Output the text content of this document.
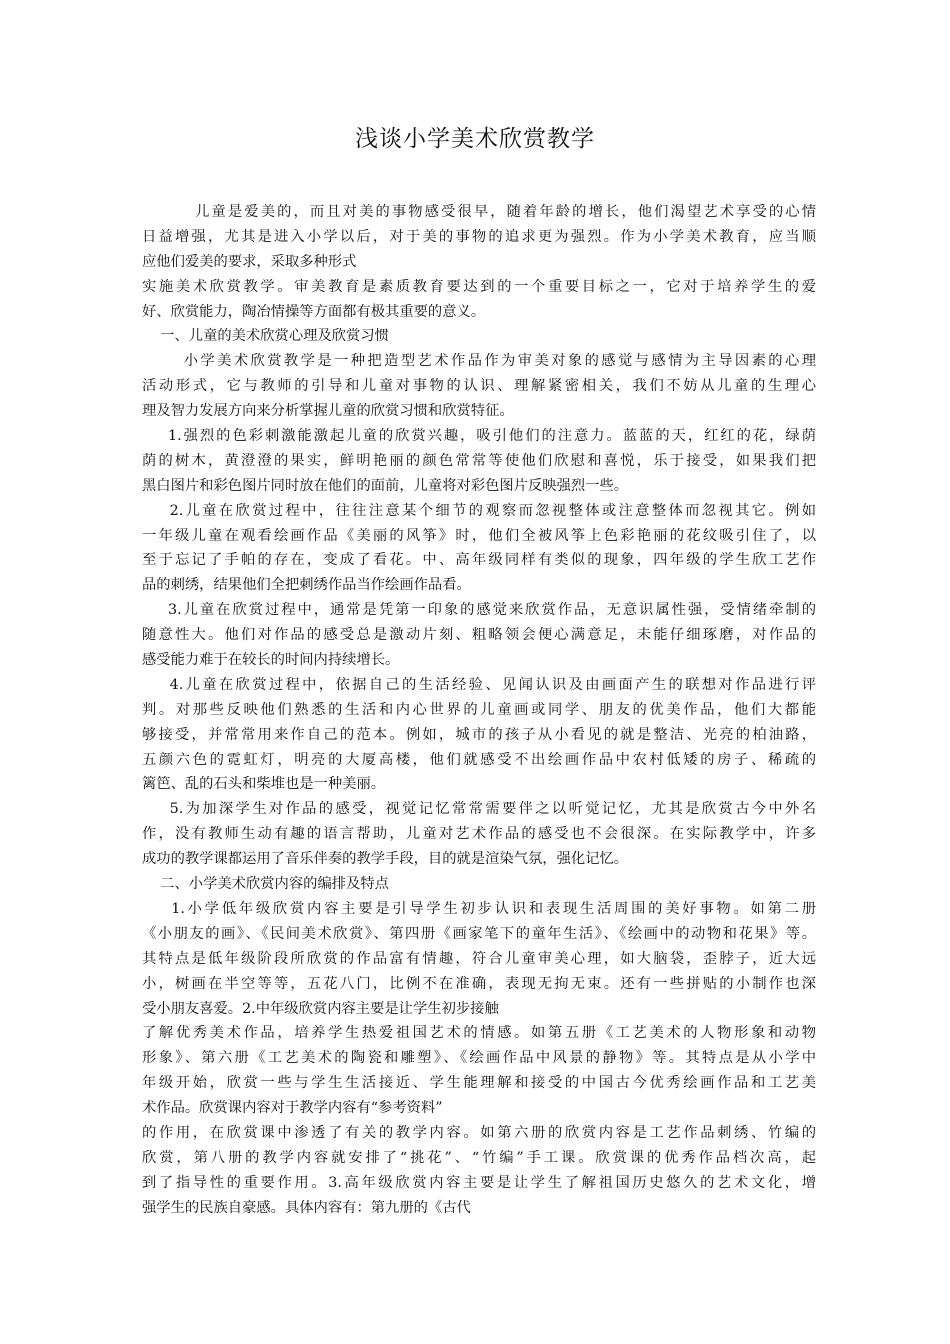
浅谈小学美术欣赏教学
儿童是爱美的，而且对美的事物感受很早，随着年龄的增长，他们渴望艺术享受的心情
日益增强，尤其是进入小学以后，对于美的事物的追求更为强烈。作为小学美术教育，应当顺
应他们爱美的要求，采取多种形式
实施美术欣赏教学。审美教育是素质教育要达到的一个重要目标之一，它对于培养学生的爱
好、欣赏能力，陶冶情操等方面都有极其重要的意义。
一、儿童的美术欣赏心理及欣赏习惯
小学美术欣赏教学是一种把造型艺术作品作为审美对象的感觉与感情为主导因素的心理
活动形式，它与教师的引导和儿童对事物的认识、理解紧密相关，我们不妨从儿童的生理心
理及智力发展方向来分析掌握儿童的欣赏习惯和欣赏特征。
1.强烈的色彩刺激能激起儿童的欣赏兴趣，吸引他们的注意力。蓝蓝的天，红红的花，绿荫
荫的树木，黄澄澄的果实，鲜明艳丽的颜色常常等使他们欣慰和喜悦，乐于接受，如果我们把
黑白图片和彩色图片同时放在他们的面前，儿童将对彩色图片反映强烈一些。
2.儿童在欣赏过程中，往往注意某个细节的观察而忽视整体或注意整体而忽视其它。例如
一年级儿童在观看绘画作品《美丽的风筝》时，他们全被风筝上色彩艳丽的花纹吸引住了，以
至于忘记了手帕的存在，变成了看花。中、高年级同样有类似的现象，四年级的学生欣工艺作
品的刺绣，结果他们全把刺绣作品当作绘画作品看。
3.儿童在欣赏过程中，通常是凭第一印象的感觉来欣赏作品，无意识属性强，受情绪牵制的
随意性大。他们对作品的感受总是激动片刻、粗略领会便心满意足，未能仔细琢磨，对作品的
感受能力难于在较长的时间内持续增长。
4.儿童在欣赏过程中，依据自己的生活经验、见闻认识及由画面产生的联想对作品进行评
判。对那些反映他们熟悉的生活和内心世界的儿童画或同学、朋友的优美作品，他们大都能
够接受，并常常用来作自己的范本。例如，城市的孩子从小看见的就是整洁、光亮的柏油路，
五颜六色的霓虹灯，明亮的大厦高楼，他们就感受不出绘画作品中农村低矮的房子、稀疏的
篱笆、乱的石头和柴堆也是一种美丽。
5.为加深学生对作品的感受，视觉记忆常常需要伴之以听觉记忆，尤其是欣赏古今中外名
作，没有教师生动有趣的语言帮助，儿童对艺术作品的感受也不会很深。在实际教学中，许多
成功的教学课都运用了音乐伴奏的教学手段，目的就是渲染气氛，强化记忆。
二、小学美术欣赏内容的编排及特点
1.小学低年级欣赏内容主要是引导学生初步认识和表现生活周围的美好事物。如第二册
《小朋友的画》、《民间美术欣赏》、第四册《画家笔下的童年生活》、《绘画中的动物和花果》等。
其特点是低年级阶段所欣赏的作品富有情趣，符合儿童审美心理，如大脑袋，歪脖子，近大远
小，树画在半空等等，五花八门，比例不在准确，表现无拘无束。还有一些拼贴的小制作也深
受小朋友喜爱。2.中年级欣赏内容主要是让学生初步接触
了解优秀美术作品，培养学生热爱祖国艺术的情感。如第五册《工艺美术的人物形象和动物
形象》、第六册《工艺美术的陶瓷和雕塑》、《绘画作品中风景的静物》等。其特点是从小学中
年级开始，欣赏一些与学生生活接近、学生能理解和接受的中国古今优秀绘画作品和工艺美
术作品。欣赏课内容对于教学内容有“参考资料”
的作用，在欣赏课中渗透了有关的教学内容。如第六册的欣赏内容是工艺作品刺绣、竹编的
欣赏，第八册的教学内容就安排了“挑花”、“竹编”手工课。欣赏课的优秀作品档次高，起
到了指导性的重要作用。3.高年级欣赏内容主要是让学生了解祖国历史悠久的艺术文化，增
强学生的民族自豪感。具体内容有：第九册的《古代
